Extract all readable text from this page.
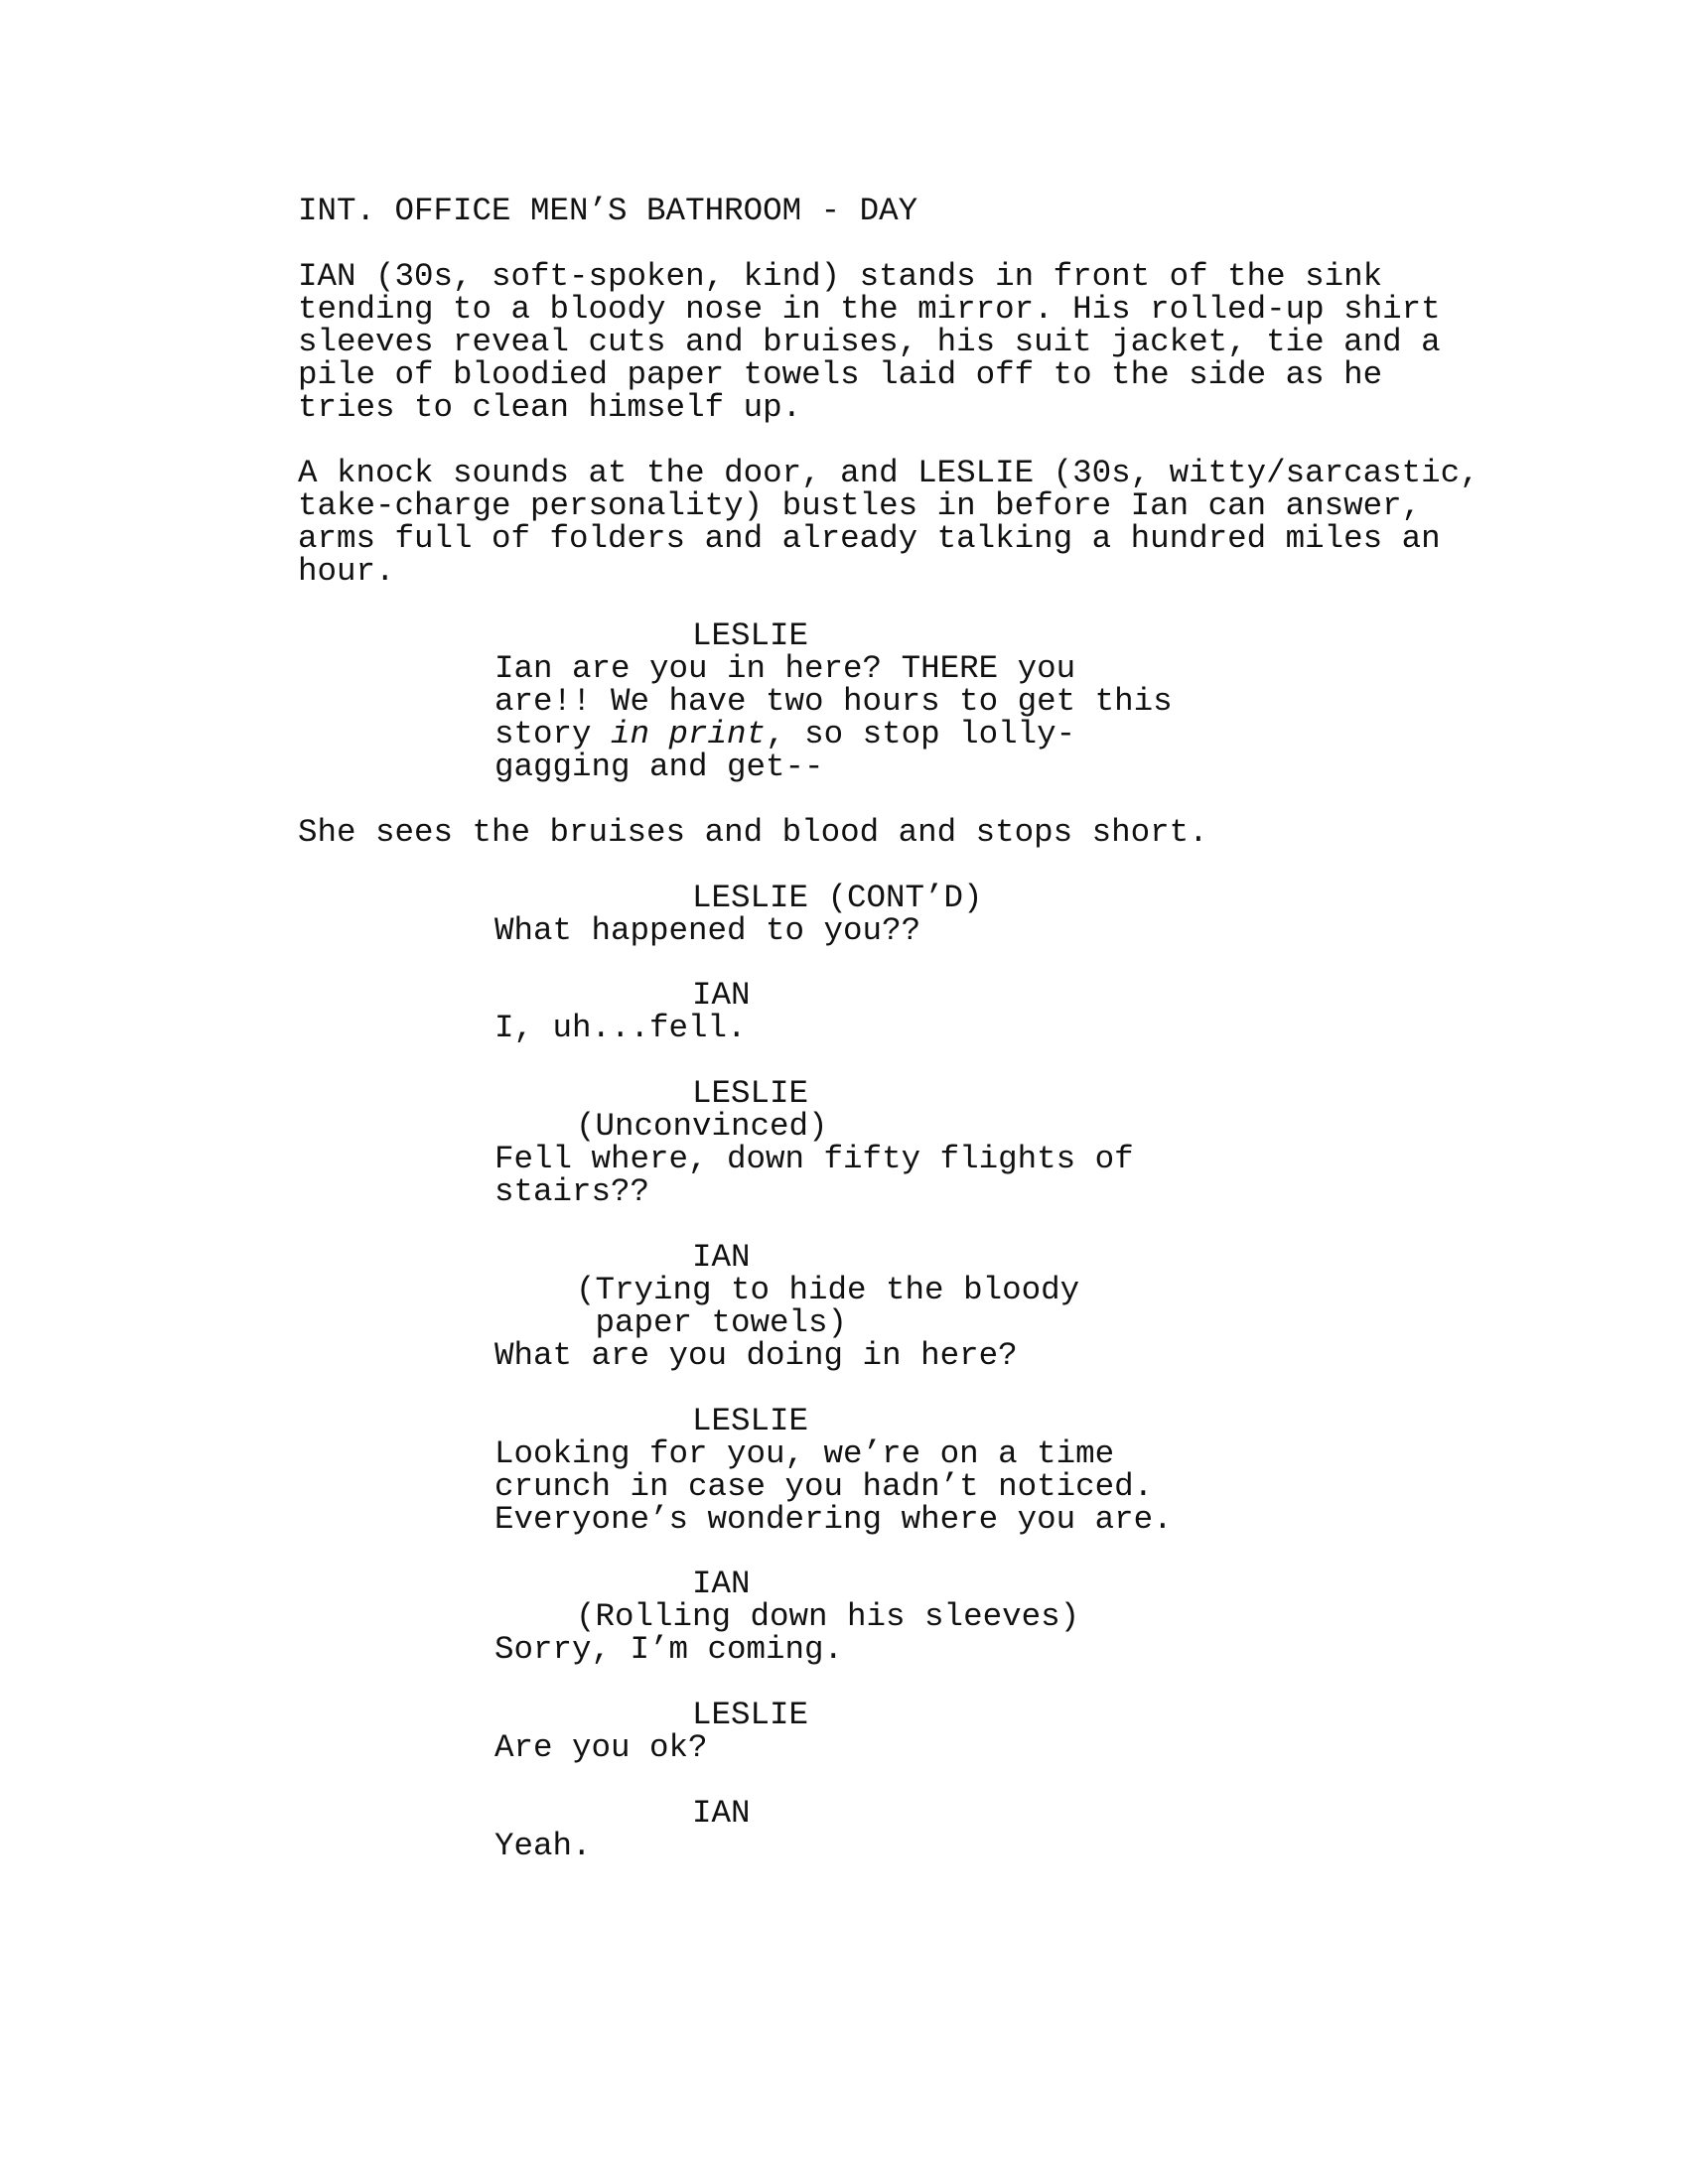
INT. OFFICE MEN’S BATHROOM - DAY
IAN (30s, soft-spoken, kind) stands in front of the sink
tending to a bloody nose in the mirror. His rolled-up shirt
sleeves reveal cuts and bruises, his suit jacket, tie and a
pile of bloodied paper towels laid off to the side as he
tries to clean himself up.
A knock sounds at the door, and LESLIE (30s, witty/sarcastic,
take-charge personality) bustles in before Ian can answer,
arms full of folders and already talking a hundred miles an
hour.
LESLIE
Ian are you in here? THERE you
are!! We have two hours to get this
story in print, so stop lolly-
gagging and get--
She sees the bruises and blood and stops short.
LESLIE (CONT’D)
What happened to you??
IAN
I, uh...fell.
LESLIE
(Unconvinced)
Fell where, down fifty flights of
stairs??
IAN
(Trying to hide the bloody
paper towels)
What are you doing in here?
LESLIE
Looking for you, we’re on a time
crunch in case you hadn’t noticed.
Everyone’s wondering where you are.
IAN
(Rolling down his sleeves)
Sorry, I’m coming.
LESLIE
Are you ok?
IAN
Yeah.
